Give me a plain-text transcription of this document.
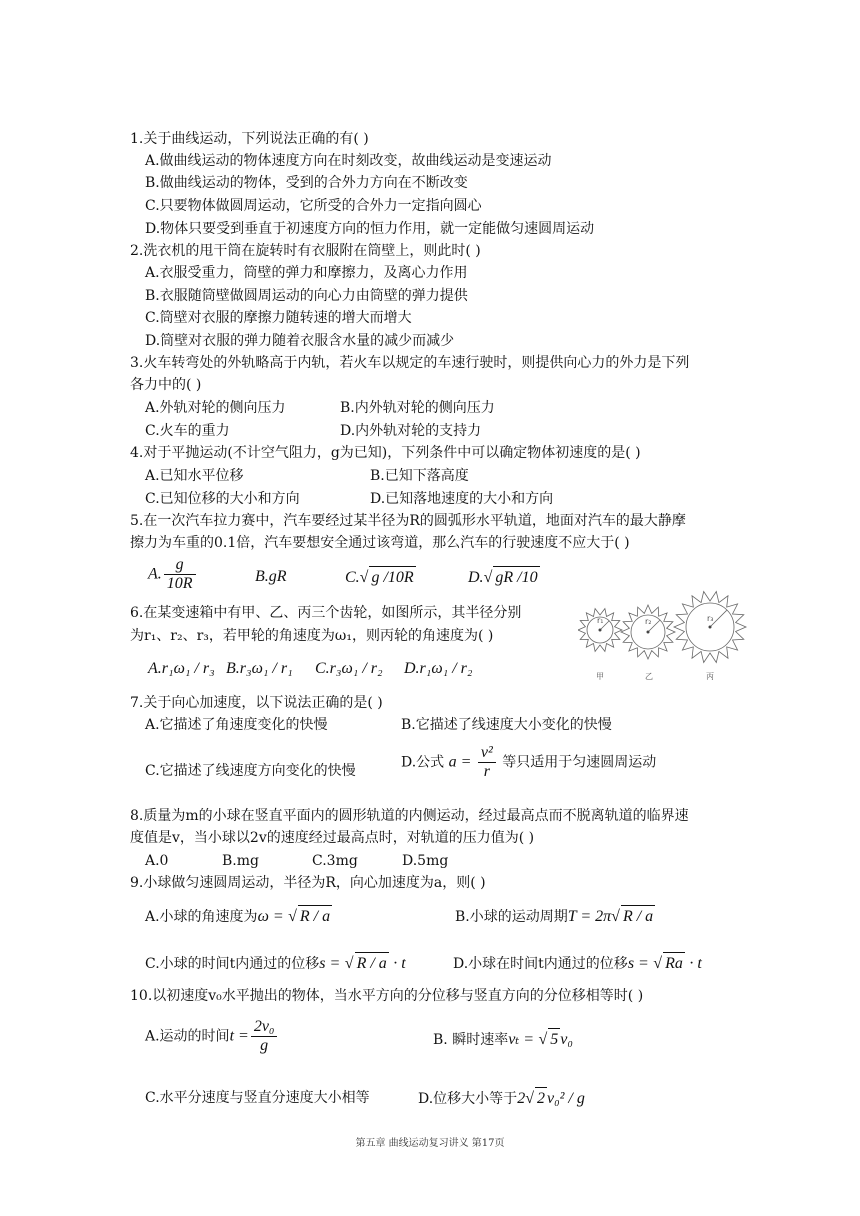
1.关于曲线运动，下列说法正确的有( )
A.做曲线运动的物体速度方向在时刻改变，故曲线运动是变速运动
B.做曲线运动的物体，受到的合外力方向在不断改变
C.只要物体做圆周运动，它所受的合外力一定指向圆心
D.物体只要受到垂直于初速度方向的恒力作用，就一定能做匀速圆周运动
2.洗衣机的甩干筒在旋转时有衣服附在筒壁上，则此时( )
A.衣服受重力，筒壁的弹力和摩擦力，及离心力作用
B.衣服随筒壁做圆周运动的向心力由筒壁的弹力提供
C.筒壁对衣服的摩擦力随转速的增大而增大
D.筒壁对衣服的弹力随着衣服含水量的减少而减少
3.火车转弯处的外轨略高于内轨，若火车以规定的车速行驶时，则提供向心力的外力是下列
各力中的( )
A.外轨对轮的侧向压力	B.内外轨对轮的侧向压力
C.火车的重力	D.内外轨对轮的支持力
4.对于平抛运动(不计空气阻力，g为已知)，下列条件中可以确定物体初速度的是( )
A.已知水平位移	B.已知下落高度
C.已知位移的大小和方向	D.已知落地速度的大小和方向
5.在一次汽车拉力赛中，汽车要经过某半径为R的圆弧形水平轨道，地面对汽车的最大静摩
擦力为车重的0.1倍，汽车要想安全通过该弯道，那么汽车的行驶速度不应大于( )
A. $\frac{g}{10R}$	B.gR	C.√ g /10R	D.√ gR /10
6.在某变速箱中有甲、乙、丙三个齿轮，如图所示，其半径分别
为r₁、r₂、r₃，若甲轮的角速度为ω₁，则丙轮的角速度为( )
A.r₁ω₁ / r₃ B.r₃ω₁ / r₁ C.r₃ω₁ / r₂ D.r₁ω₁ / r₂	甲	乙	丙
r₁	r₂	r₃
7.关于向心加速度，以下说法正确的是( )
A.它描述了角速度变化的快慢	B.它描述了线速度大小变化的快慢
C.它描述了线速度方向变化的快慢
D.公式 $a = \frac{\text{v²}}{r}$ 等只适用于匀速圆周运动
8.质量为m的小球在竖直平面内的圆形轨道的内侧运动，经过最高点而不脱离轨道的临界速
度值是v，当小球以2v的速度经过最高点时，对轨道的压力值为( )
A.0	B.mg	C.3mg	D.5mg
9.小球做匀速圆周运动，半径为R，向心加速度为a，则( )
A.小球的角速度为ω = √ R / a	B.小球的运动周期T = 2π√ R / a
C.小球的时间t内通过的位移s = √ R / a · t	D.小球在时间t内通过的位移s = √ Ra · t
10.以初速度v₀水平抛出的物体，当水平方向的分位移与竖直方向的分位移相等时( )
A.运动的时间$t = \frac{\text{2v₀}}{g}$	B. 瞬时速率vₜ = √ 5 v₀
C.水平分速度与竖直分速度大小相等	D.位移大小等于2√ 2 v₀² / g
第五章 曲线运动复习讲义 第17页
